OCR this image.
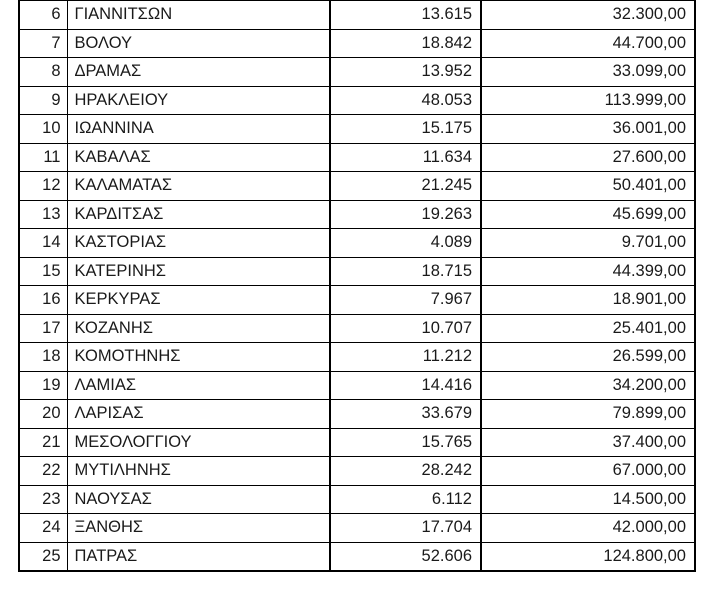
6	ΓΙΑΝΝΙΤΣΩΝ	13.615	32.300,00
7	ΒΟΛΟΥ	18.842	44.700,00
8	ΔΡΑΜΑΣ	13.952	33.099,00
9	ΗΡΑΚΛΕΙΟΥ	48.053	113.999,00
10	ΙΩΑΝΝΙΝΑ	15.175	36.001,00
11	ΚΑΒΑΛΑΣ	11.634	27.600,00
12	ΚΑΛΑΜΑΤΑΣ	21.245	50.401,00
13	ΚΑΡΔΙΤΣΑΣ	19.263	45.699,00
14	ΚΑΣΤΟΡΙΑΣ	4.089	9.701,00
15	ΚΑΤΕΡΙΝΗΣ	18.715	44.399,00
16	ΚΕΡΚΥΡΑΣ	7.967	18.901,00
17	ΚΟΖΑΝΗΣ	10.707	25.401,00
18	ΚΟΜΟΤΗΝΗΣ	11.212	26.599,00
19	ΛΑΜΙΑΣ	14.416	34.200,00
20	ΛΑΡΙΣΑΣ	33.679	79.899,00
21	ΜΕΣΟΛΟΓΓΙΟΥ	15.765	37.400,00
22	ΜΥΤΙΛΗΝΗΣ	28.242	67.000,00
23	ΝΑΟΥΣΑΣ	6.112	14.500,00
24	ΞΑΝΘΗΣ	17.704	42.000,00
25	ΠΑΤΡΑΣ	52.606	124.800,00
